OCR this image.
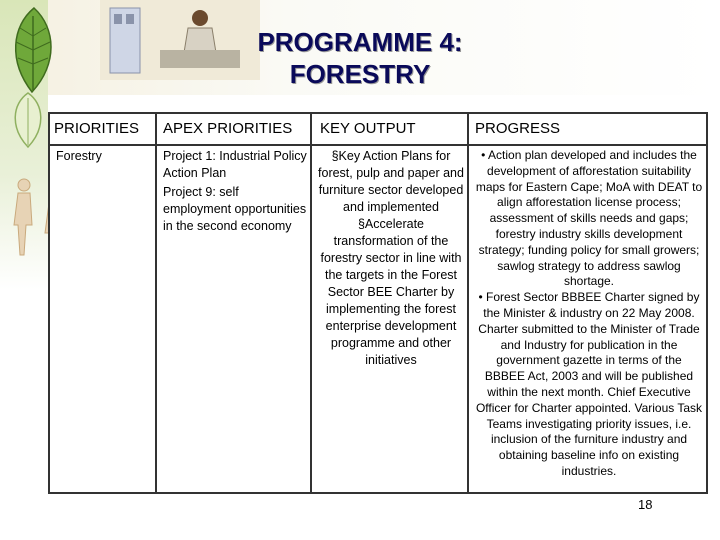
PROGRAMME 4:
FORESTRY
PRIORITIES APEX PRIORITIES KEY OUTPUT	PROGRESS
Forestry	Project 1: Industrial Policy Action Plan
Project 9: self employment opportunities in the second economy
§Key Action Plans for forest, pulp and paper and furniture sector developed and implemented
§Accelerate transformation of the forestry sector in line with the targets in the Forest Sector BEE Charter by implementing the forest enterprise development programme and other initiatives
• Action plan developed and includes the development of afforestation suitability maps for Eastern Cape; MoA with DEAT to align afforestation license process; assessment of skills needs and gaps; forestry industry skills development strategy; funding policy for small growers; sawlog strategy to address sawlog shortage.
• Forest Sector BBBEE Charter signed by the Minister & industry on 22 May 2008. Charter submitted to the Minister of Trade and Industry for publication in the government gazette in terms of the BBBEE Act, 2003 and will be published within the next month. Chief Executive Officer for Charter appointed. Various Task Teams investigating priority issues, i.e. inclusion of the furniture industry and obtaining baseline info on existing industries.
18
